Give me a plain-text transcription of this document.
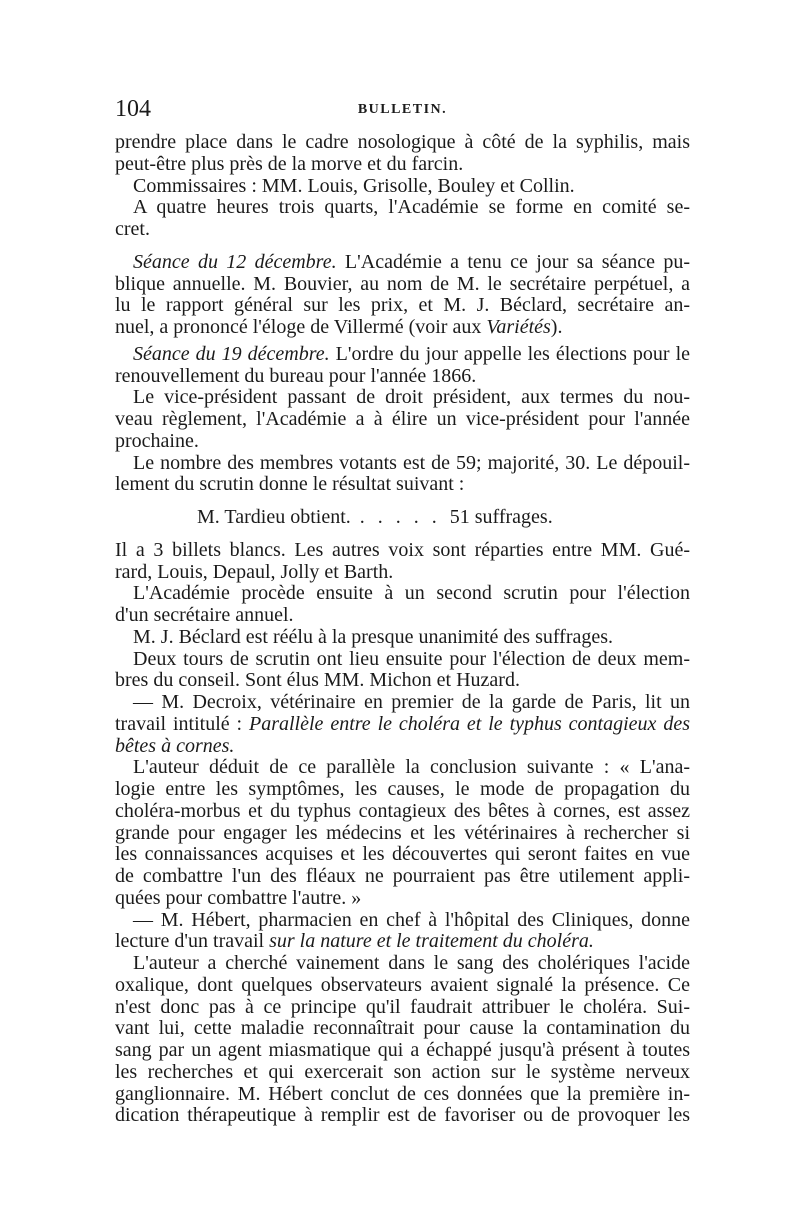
104	BULLETIN.
prendre place dans le cadre nosologique à côté de la syphilis, mais
peut-être plus près de la morve et du farcin.
Commissaires : MM. Louis, Grisolle, Bouley et Collin.
A quatre heures trois quarts, l'Académie se forme en comité se-
cret.
Séance du 12 décembre. L'Académie a tenu ce jour sa séance pu-
blique annuelle. M. Bouvier, au nom de M. le secrétaire perpétuel, a
lu le rapport général sur les prix, et M. J. Béclard, secrétaire an-
nuel, a prononcé l'éloge de Villermé (voir aux Variétés).
Séance du 19 décembre. L'ordre du jour appelle les élections pour le
renouvellement du bureau pour l'année 1866.
Le vice-président passant de droit président, aux termes du nou-
veau règlement, l'Académie a à élire un vice-président pour l'année
prochaine.
Le nombre des membres votants est de 59; majorité, 30. Le dépouil-
lement du scrutin donne le résultat suivant :
M. Tardieu obtient. . . . . . 51 suffrages.
Il a 3 billets blancs. Les autres voix sont réparties entre MM. Gué-
rard, Louis, Depaul, Jolly et Barth.
L'Académie procède ensuite à un second scrutin pour l'élection
d'un secrétaire annuel.
M. J. Béclard est réélu à la presque unanimité des suffrages.
Deux tours de scrutin ont lieu ensuite pour l'élection de deux mem-
bres du conseil. Sont élus MM. Michon et Huzard.
— M. Decroix, vétérinaire en premier de la garde de Paris, lit un
travail intitulé : Parallèle entre le choléra et le typhus contagieux des
bêtes à cornes.
L'auteur déduit de ce parallèle la conclusion suivante : « L'ana-
logie entre les symptômes, les causes, le mode de propagation du
choléra-morbus et du typhus contagieux des bêtes à cornes, est assez
grande pour engager les médecins et les vétérinaires à rechercher si
les connaissances acquises et les découvertes qui seront faites en vue
de combattre l'un des fléaux ne pourraient pas être utilement appli-
quées pour combattre l'autre. »
— M. Hébert, pharmacien en chef à l'hôpital des Cliniques, donne
lecture d'un travail sur la nature et le traitement du choléra.
L'auteur a cherché vainement dans le sang des cholériques l'acide
oxalique, dont quelques observateurs avaient signalé la présence. Ce
n'est donc pas à ce principe qu'il faudrait attribuer le choléra. Sui-
vant lui, cette maladie reconnaîtrait pour cause la contamination du
sang par un agent miasmatique qui a échappé jusqu'à présent à toutes
les recherches et qui exercerait son action sur le système nerveux
ganglionnaire. M. Hébert conclut de ces données que la première in-
dication thérapeutique à remplir est de favoriser ou de provoquer les
